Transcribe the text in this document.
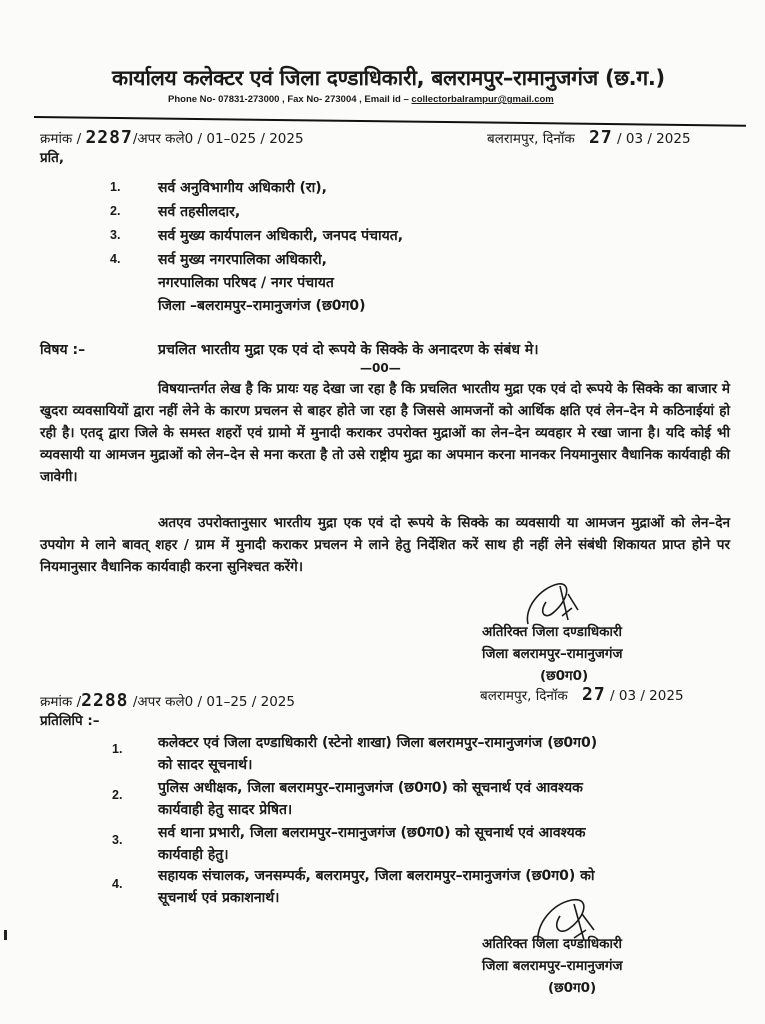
कार्यालय कलेक्टर एवं जिला दण्डाधिकारी, बलरामपुर–रामानुजगंज (छ.ग.)
Phone No- 07831-273000 , Fax No- 273004 , Email id – collectorbalrampur@gmail.com
क्रमांक / 2287/अपर कले0 / 01–025 / 2025	बलरामपुर, दिनॉक 27 / 03 / 2025
प्रति,
1.	सर्व अनुविभागीय अधिकारी (रा),
2.	सर्व तहसीलदार,
3.	सर्व मुख्य कार्यपालन अधिकारी, जनपद पंचायत,
4.	सर्व मुख्य नगरपालिका अधिकारी,
नगरपालिका परिषद / नगर पंचायत
जिला –बलरामपुर–रामानुजगंज (छ0ग0)
विषय :–	प्रचलित भारतीय मुद्रा एक एवं दो रूपये के सिक्के के अनादरण के संबंध मे।
—00—

विषयान्तर्गत लेख है कि प्रायः यह देखा जा रहा है कि प्रचलित भारतीय मुद्रा एक एवं दो रूपये के सिक्के का बाजार मे खुदरा व्यवसायियों द्वारा नहीं लेने के कारण प्रचलन से बाहर होते जा रहा है जिससे आमजनों को आर्थिक क्षति एवं लेन–देन मे कठिनाईयां हो रही है। एतद् द्वारा जिले के समस्त शहरों एवं ग्रामो में मुनादी कराकर उपरोक्त मुद्राओं का लेन–देन व्यवहार मे रखा जाना है। यदि कोई भी व्यवसायी या आमजन मुद्राओं को लेन–देन से मना करता है तो उसे राष्ट्रीय मुद्रा का अपमान करना मानकर नियमानुसार वैधानिक कार्यवाही की जावेगी।

अतएव उपरोक्तानुसार भारतीय मुद्रा एक एवं दो रूपये के सिक्के का व्यवसायी या आमजन मुद्राओं को लेन–देन उपयोग मे लाने बावत् शहर / ग्राम में मुनादी कराकर प्रचलन मे लाने हेतु निर्देशित करें साथ ही नहीं लेने संबंधी शिकायत प्राप्त होने पर नियमानुसार वैधानिक कार्यवाही करना सुनिश्चत करेंगे।

अतिरिक्त जिला दण्डाधिकारी
जिला बलरामपुर–रामानुजगंज
(छ0ग0)
क्रमांक /2288 /अपर कले0 / 01–25 / 2025	बलरामपुर, दिनॉक 27 / 03 / 2025
प्रतिलिपि :–
1.	कलेक्टर एवं जिला दण्डाधिकारी (स्टेनो शाखा) जिला बलरामपुर–रामानुजगंज (छ0ग0)
को सादर सूचनार्थ।
2.	पुलिस अधीक्षक, जिला बलरामपुर–रामानुजगंज (छ0ग0) को सूचनार्थ एवं आवश्यक
कार्यवाही हेतु सादर प्रेषित।
3.	सर्व थाना प्रभारी, जिला बलरामपुर–रामानुजगंज (छ0ग0) को सूचनार्थ एवं आवश्यक
कार्यवाही हेतु।
4.	सहायक संचालक, जनसम्पर्क, बलरामपुर, जिला बलरामपुर–रामानुजगंज (छ0ग0) को
सूचनार्थ एवं प्रकाशनार्थ।
अतिरिक्त जिला दण्डाधिकारी
जिला बलरामपुर–रामानुजगंज
(छ0ग0)
